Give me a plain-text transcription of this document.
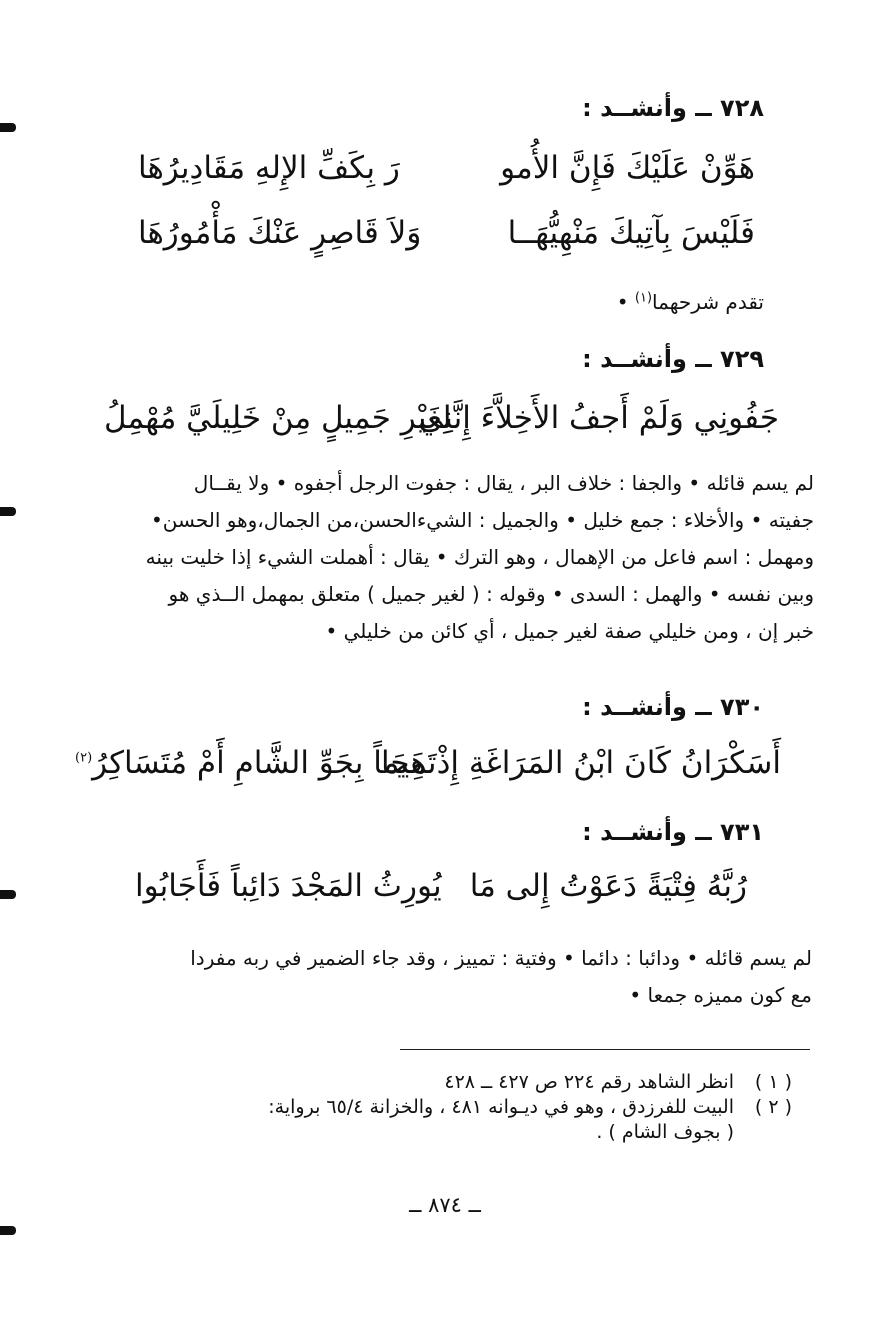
٧٢٨ ــ وأنشــد :
هَوِّنْ عَلَيْكَ فَإِنَّ الأُمو
رَ بِكَفِّ الإِلهِ مَقَادِيرُهَا
فَلَيْسَ بِآتِيكَ مَنْهِيُّهَــا
وَلاَ قَاصِرٍ عَنْكَ مَأْمُورُهَا
تقدم شرحهما$^{(١)}$ •
٧٢٩ ــ وأنشــد :
جَفُونِي وَلَمْ أَجفُ الأَخِلاَّءَ إِنَّنِي
لِغَيْرِ جَمِيلٍ مِنْ خَلِيلَيَّ مُهْمِلُ

لم يسم قائله • والجفا : خلاف البر ، يقال : جفوت الرجل أجفوه • ولا يقــال

جفيته • والأخلاء : جمع خليل • والجميل : الشيءالحسن،من الجمال،وهو الحسن•

ومهمل : اسم فاعل من الإهمال ، وهو الترك • يقال : أهملت الشيء إذا خليت بينه

وبين نفسه • والهمل : السدى • وقوله : ( لغير جميل ) متعلق بمهمل الــذي هو

خبر إن ، ومن خليلي صفة لغير جميل ، أي كائن من خليلي •

٧٣٠ ــ وأنشــد :
أَسَكْرَانُ كَانَ ابْنُ المَرَاغَةِ إِذْ هَجَا
تَمِيماً بِجَوِّ الشَّامِ أَمْ مُتَسَاكِرُ$^{(٢)}$
٧٣١ ــ وأنشــد :
رُبَّهُ فِتْيَةً دَعَوْتُ إِلى مَا
يُورِثُ المَجْدَ دَائِباً فَأَجَابُوا

لم يسم قائله • ودائبا : دائما • وفتية : تمييز ، وقد جاء الضمير في ربه مفردا

مع كون مميزه جمعا •

( ١ )انظر الشاهد رقم ٢٢٤ ص ٤٢٧ ــ ٤٢٨
( ٢ )البيت للفرزدق ، وهو في ديـوانه ٤٨١ ، والخزانة ٦٥/٤ برواية:
( بجوف الشام ) .
ــ ٨٧٤ ــ
